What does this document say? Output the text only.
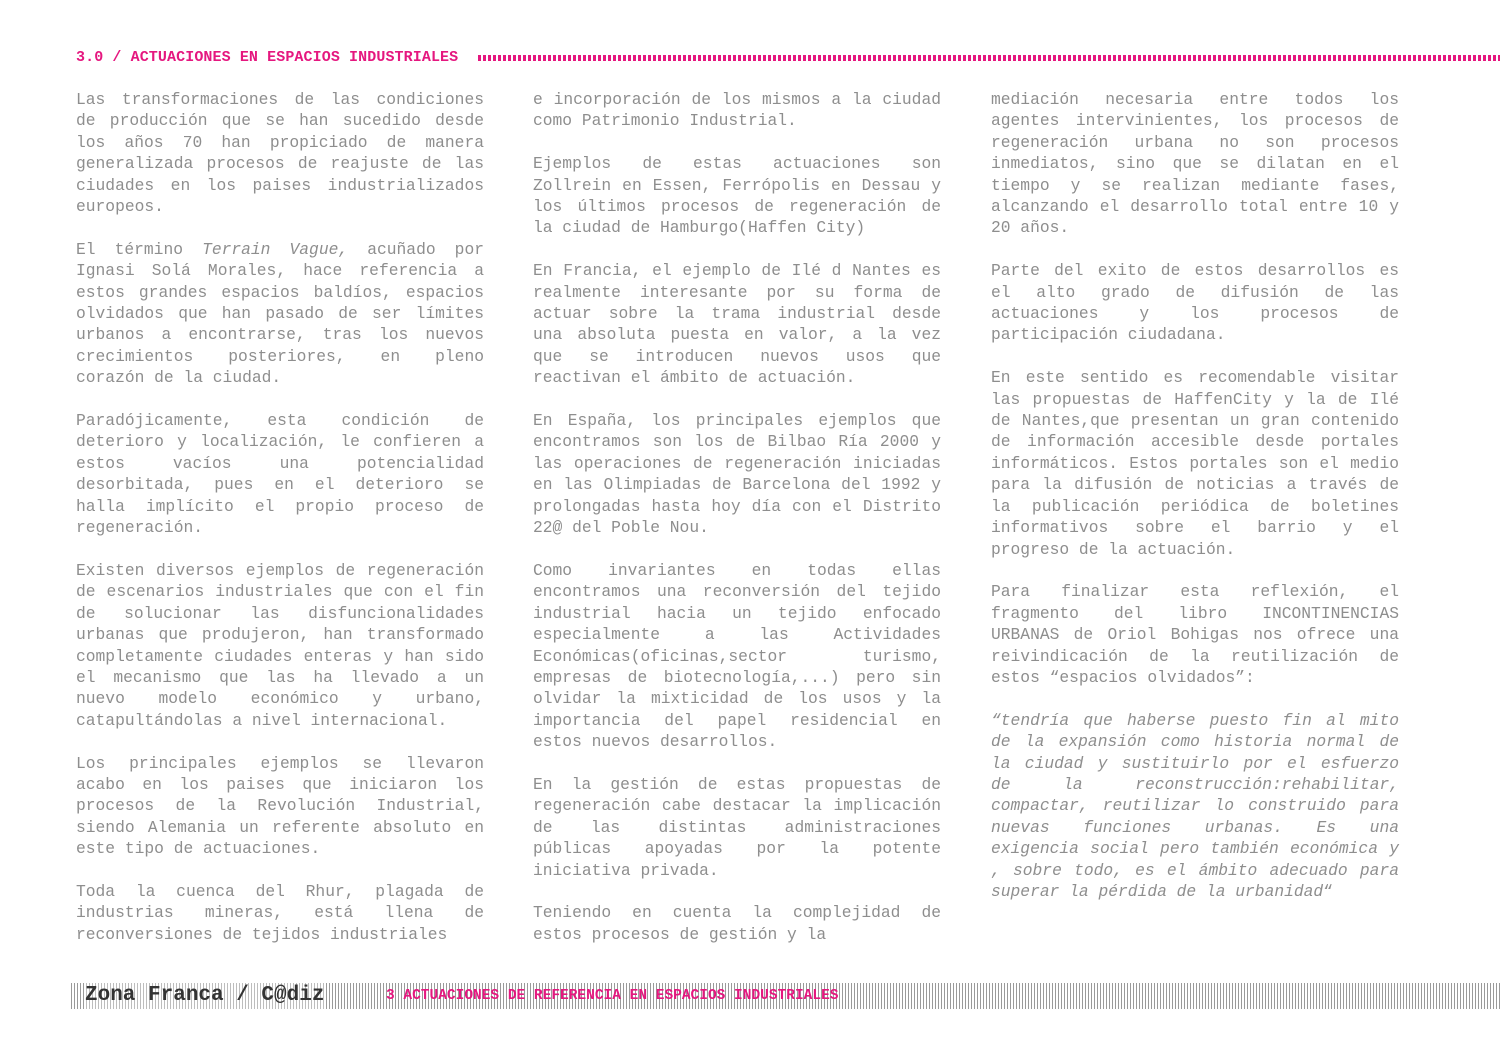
3.0 / ACTUACIONES EN ESPACIOS INDUSTRIALES

Las transformaciones de las condiciones de producción que se han sucedido desde los años 70 han propiciado de manera generalizada procesos de reajuste de las ciudades en los paises industrializados europeos.

El término Terrain Vague, acuñado por Ignasi Solá Morales, hace referencia a estos grandes espacios baldíos, espacios olvidados que han pasado de ser límites urbanos a encontrarse, tras los nuevos crecimientos posteriores, en pleno corazón de la ciudad.

Paradójicamente, esta condición de deterioro y localización, le confieren a estos vacíos una potencialidad desorbitada, pues en el deterioro se halla implícito el propio proceso de regeneración.

Existen diversos ejemplos de regeneración de escenarios industriales que con el fin de solucionar las disfuncionalidades urbanas que produjeron, han transformado completamente ciudades enteras y han sido el mecanismo que las ha llevado a un nuevo modelo económico y urbano, catapultándolas a nivel internacional.

Los principales ejemplos se llevaron acabo en los paises que iniciaron los procesos de la Revolución Industrial, siendo Alemania un referente absoluto en este tipo de actuaciones.

Toda la cuenca del Rhur, plagada de industrias mineras, está llena de reconversiones de tejidos industriales

e incorporación de los mismos a la ciudad como Patrimonio Industrial.

Ejemplos de estas actuaciones son Zollrein en Essen, Ferrópolis en Dessau y los últimos procesos de regeneración de la ciudad de Hamburgo(Haffen City)

En Francia, el ejemplo de Ilé d Nantes es realmente interesante por su forma de actuar sobre la trama industrial desde una absoluta puesta en valor, a la vez que se introducen nuevos usos que reactivan el ámbito de actuación.

En España, los principales ejemplos que encontramos son los de Bilbao Ría 2000 y las operaciones de regeneración iniciadas en las Olimpiadas de Barcelona del 1992 y prolongadas hasta hoy día con el Distrito 22@ del Poble Nou.

Como invariantes en todas ellas encontramos una reconversión del tejido industrial hacia un tejido enfocado especialmente a las Actividades Económicas(oficinas,sector turismo, empresas de biotecnología,...) pero sin olvidar la mixticidad de los usos y la importancia del papel residencial en estos nuevos desarrollos.

En la gestión de estas propuestas de regeneración cabe destacar la implicación de las distintas administraciones públicas apoyadas por la potente iniciativa privada.

Teniendo en cuenta la complejidad de estos procesos de gestión y la

mediación necesaria entre todos los agentes intervinientes, los procesos de regeneración urbana no son procesos inmediatos, sino que se dilatan en el tiempo y se realizan mediante fases, alcanzando el desarrollo total entre 10 y 20 años.

Parte del exito de estos desarrollos es el alto grado de difusión de las actuaciones y los procesos de participación ciudadana.

En este sentido es recomendable visitar las propuestas de HaffenCity y la de Ilé de Nantes,que presentan un gran contenido de información accesible desde portales informáticos. Estos portales son el medio para la difusión de noticias a través de la publicación periódica de boletines informativos sobre el barrio y el progreso de la actuación.

Para finalizar esta reflexión, el fragmento del libro INCONTINENCIAS URBANAS de Oriol Bohigas nos ofrece una reivindicación de la reutilización de estos “espacios olvidados”:

“tendría que haberse puesto fin al mito de la expansión como historia normal de la ciudad y sustituirlo por el esfuerzo de la reconstrucción:rehabilitar, compactar, reutilizar lo construido para nuevas funciones urbanas. Es una exigencia social pero también económica y , sobre todo, es el ámbito adecuado para superar la pérdida de la urbanidad“

Zona Franca / C@diz	3 ACTUACIONES DE REFERENCIA EN ESPACIOS INDUSTRIALES
